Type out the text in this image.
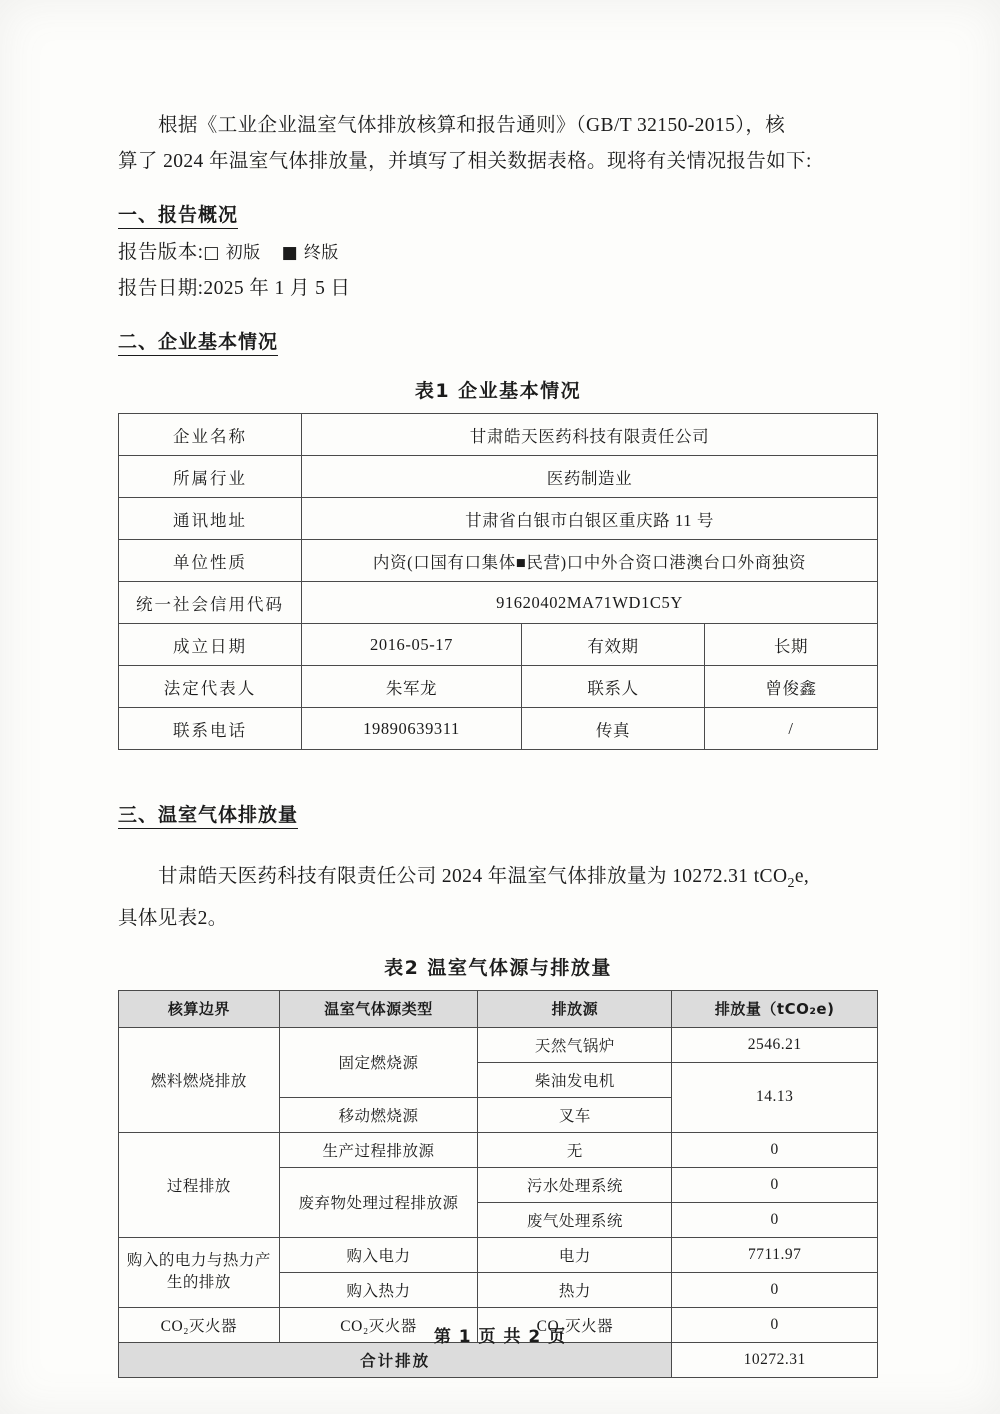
根据《工业企业温室气体排放核算和报告通则》（GB/T 32150-2015），核
算了 2024 年温室气体排放量，并填写了相关数据表格。现将有关情况报告如下:

一、报告概况
报告版本:□ 初版 ■ 终版
报告日期:2025 年 1 月 5 日
二、企业基本情况
表1 企业基本情况
企业名称	甘肃皓天医药科技有限责任公司		
所属行业	医药制造业		
通讯地址	甘肃省白银市白银区重庆路 11 号		
单位性质	内资(口国有口集体■民营)口中外合资口港澳台口外商独资		
统一社会信用代码	91620402MA71WD1C5Y		
成立日期	2016-05-17	有效期	长期
法定代表人	朱军龙	联系人	曾俊鑫
联系电话	19890639311	传真	/
三、温室气体排放量

甘肃皓天医药科技有限责任公司 2024 年温室气体排放量为 10272.31 tCO$_2$e,
具体见表2。

表2 温室气体源与排放量
核算边界	温室气体源类型	排放源	排放量（tCO₂e)
燃料燃烧排放	固定燃烧源	天然气锅炉	2546.21
		柴油发电机	14.13
	移动燃烧源	叉车	
过程排放	生产过程排放源	无	0
	废弃物处理过程排放源	污水处理系统	0
		废气处理系统	0
购入的电力与热力产生的排放	购入电力	电力	7711.97
	购入热力	热力	0
CO₂灭火器	CO₂灭火器	CO₂灭火器	0
合计排放			10272.31
第 1 页 共 2 页
